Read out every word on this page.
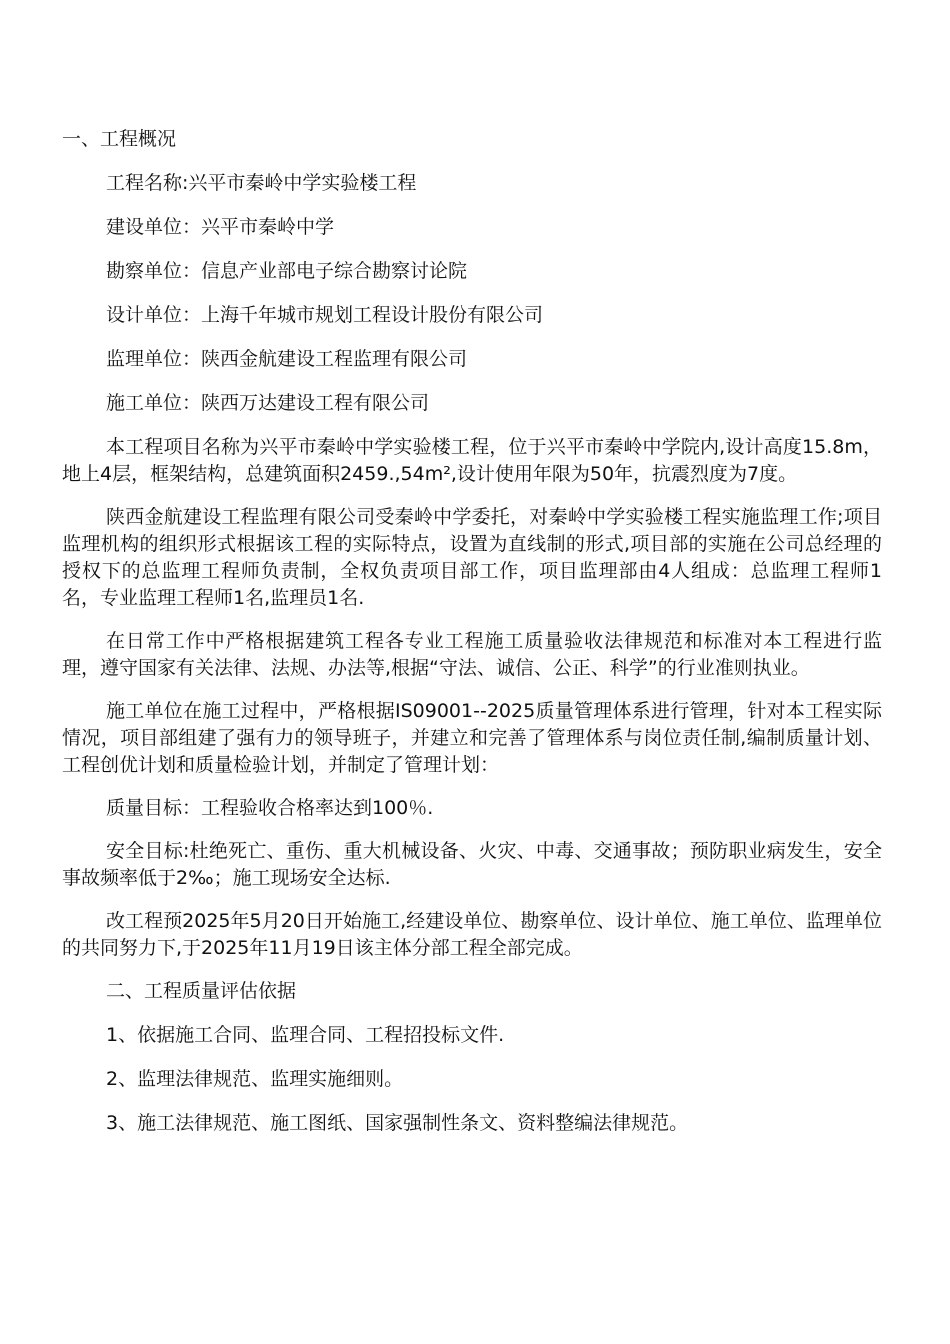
一、工程概况

工程名称:兴平市秦岭中学实验楼工程

建设单位：兴平市秦岭中学

勘察单位：信息产业部电子综合勘察讨论院

设计单位：上海千年城市规划工程设计股份有限公司

监理单位：陕西金航建设工程监理有限公司

施工单位：陕西万达建设工程有限公司

本工程项目名称为兴平市秦岭中学实验楼工程，位于兴平市秦岭中学院内,设计高度15.8m，地上4层，框架结构，总建筑面积2459.,54m²,设计使用年限为50年，抗震烈度为7度。

陕西金航建设工程监理有限公司受秦岭中学委托，对秦岭中学实验楼工程实施监理工作;项目监理机构的组织形式根据该工程的实际特点，设置为直线制的形式,项目部的实施在公司总经理的授权下的总监理工程师负责制，全权负责项目部工作，项目监理部由4人组成：总监理工程师1名，专业监理工程师1名,监理员1名.

在日常工作中严格根据建筑工程各专业工程施工质量验收法律规范和标准对本工程进行监理，遵守国家有关法律、法规、办法等,根据“守法、诚信、公正、科学”的行业准则执业。

施工单位在施工过程中，严格根据IS09001--2025质量管理体系进行管理，针对本工程实际情况，项目部组建了强有力的领导班子，并建立和完善了管理体系与岗位责任制,编制质量计划、工程创优计划和质量检验计划，并制定了管理计划：

质量目标：工程验收合格率达到100％.

安全目标:杜绝死亡、重伤、重大机械设备、火灾、中毒、交通事故；预防职业病发生，安全事故频率低于2‰；施工现场安全达标.

改工程预2025年5月20日开始施工,经建设单位、勘察单位、设计单位、施工单位、监理单位的共同努力下,于2025年11月19日该主体分部工程全部完成。

二、工程质量评估依据

1、依据施工合同、监理合同、工程招投标文件.

2、监理法律规范、监理实施细则。

3、施工法律规范、施工图纸、国家强制性条文、资料整编法律规范。
